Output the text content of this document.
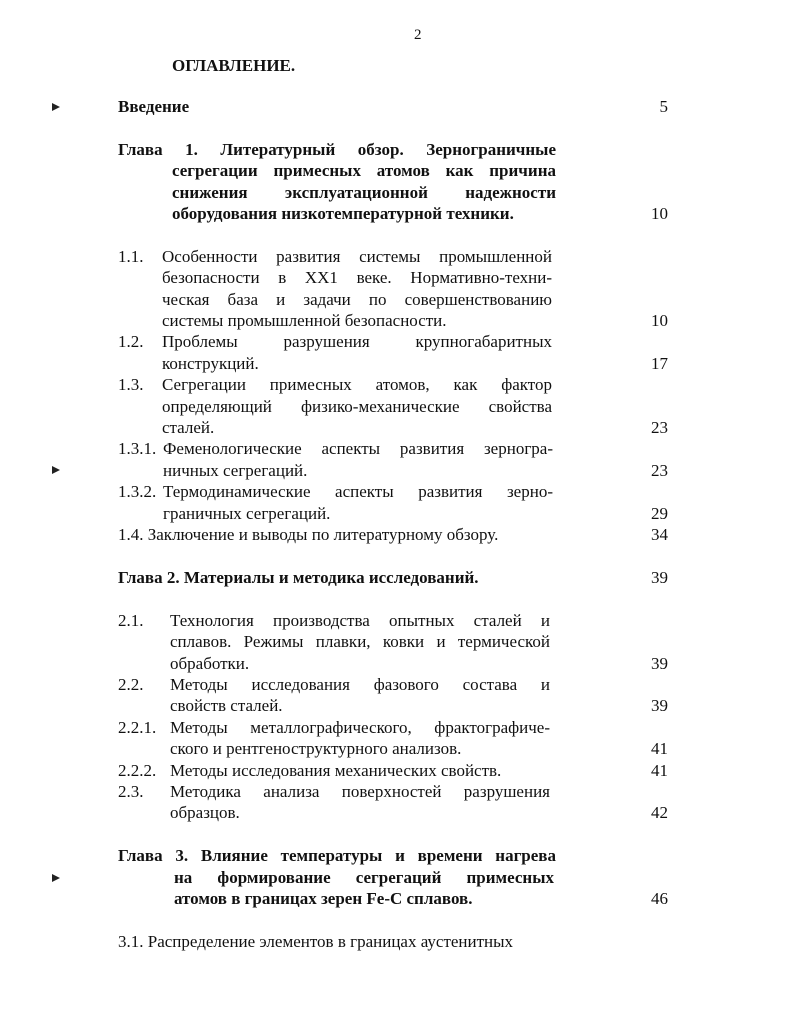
2
ОГЛАВЛЕНИЕ.
Введение	5
Глава 1. Литературный обзор. Зернограничные
сегрегации примесных атомов как причина
снижения эксплуатационной надежности
оборудования низкотемпературной техники.	10
1.1. Особенности развития системы промышленной
безопасности в XX1 веке. Нормативно-техни-
ческая база и задачи по совершенствованию
системы промышленной безопасности.	10
1.2. Проблемы разрушения крупногабаритных
конструкций.	17
1.3. Сегрегации примесных атомов, как фактор
определяющий физико-механические свойства
сталей.	23
1.3.1. Феменологические аспекты развития зерногра-
ничных сегрегаций.	23
1.3.2. Термодинамические аспекты развития зерно-
граничных сегрегаций.	29
1.4. Заключение и выводы по литературному обзору.	34
Глава 2. Материалы и методика исследований.	39
2.1. Технология производства опытных сталей и
сплавов. Режимы плавки, ковки и термической
обработки.	39
2.2. Методы исследования фазового состава и
свойств сталей.	39
2.2.1. Методы металлографического, фрактографиче-
ского и рентгеноструктурного анализов.	41
2.2.2. Методы исследования механических свойств.	41
2.3. Методика анализа поверхностей разрушения
образцов.	42
Глава 3. Влияние температуры и времени нагрева
на формирование сегрегаций примесных
атомов в границах зерен Fe-C сплавов.	46
3.1. Распределение элементов в границах аустенитных
